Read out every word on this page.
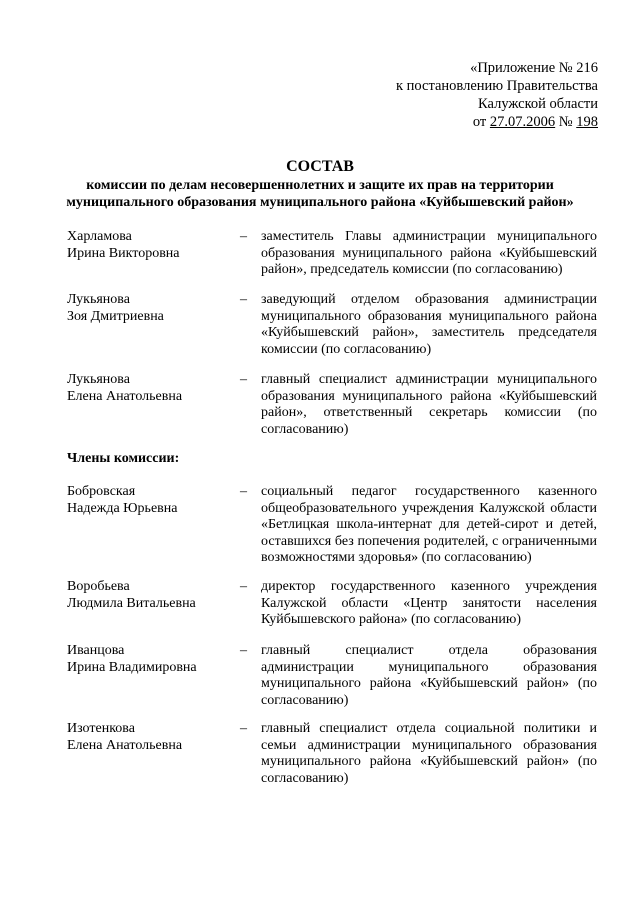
«Приложение № 216
к постановлению Правительства
Калужской области
от 27.07.2006 № 198
СОСТАВ
комиссии по делам несовершеннолетних и защите их прав на территории
муниципального образования муниципального района «Куйбышевский район»
Харламова
Ирина Викторовна
– заместитель Главы администрации муниципального образования муниципального района «Куйбышевский район», председатель комиссии (по согласованию)
Лукьянова
Зоя Дмитриевна
– заведующий отделом образования администрации муниципального образования муниципального района «Куйбышевский район», заместитель председателя комиссии (по согласованию)
Лукьянова
Елена Анатольевна
– главный специалист администрации муниципального образования муниципального района «Куйбышевский район», ответственный секретарь комиссии (по согласованию)
Члены комиссии:
Бобровская
Надежда Юрьевна
– социальный педагог государственного казенного общеобразовательного учреждения Калужской области «Бетлицкая школа-интернат для детей-сирот и детей, оставшихся без попечения родителей, с ограниченными возможностями здоровья» (по согласованию)
Воробьева
Людмила Витальевна
– директор государственного казенного учреждения Калужской области «Центр занятости населения Куйбышевского района» (по согласованию)
Иванцова
Ирина Владимировна
– главный специалист отдела образования администрации муниципального образования муниципального района «Куйбышевский район» (по согласованию)
Изотенкова
Елена Анатольевна
– главный специалист отдела социальной политики и семьи администрации муниципального образования муниципального района «Куйбышевский район» (по согласованию)
